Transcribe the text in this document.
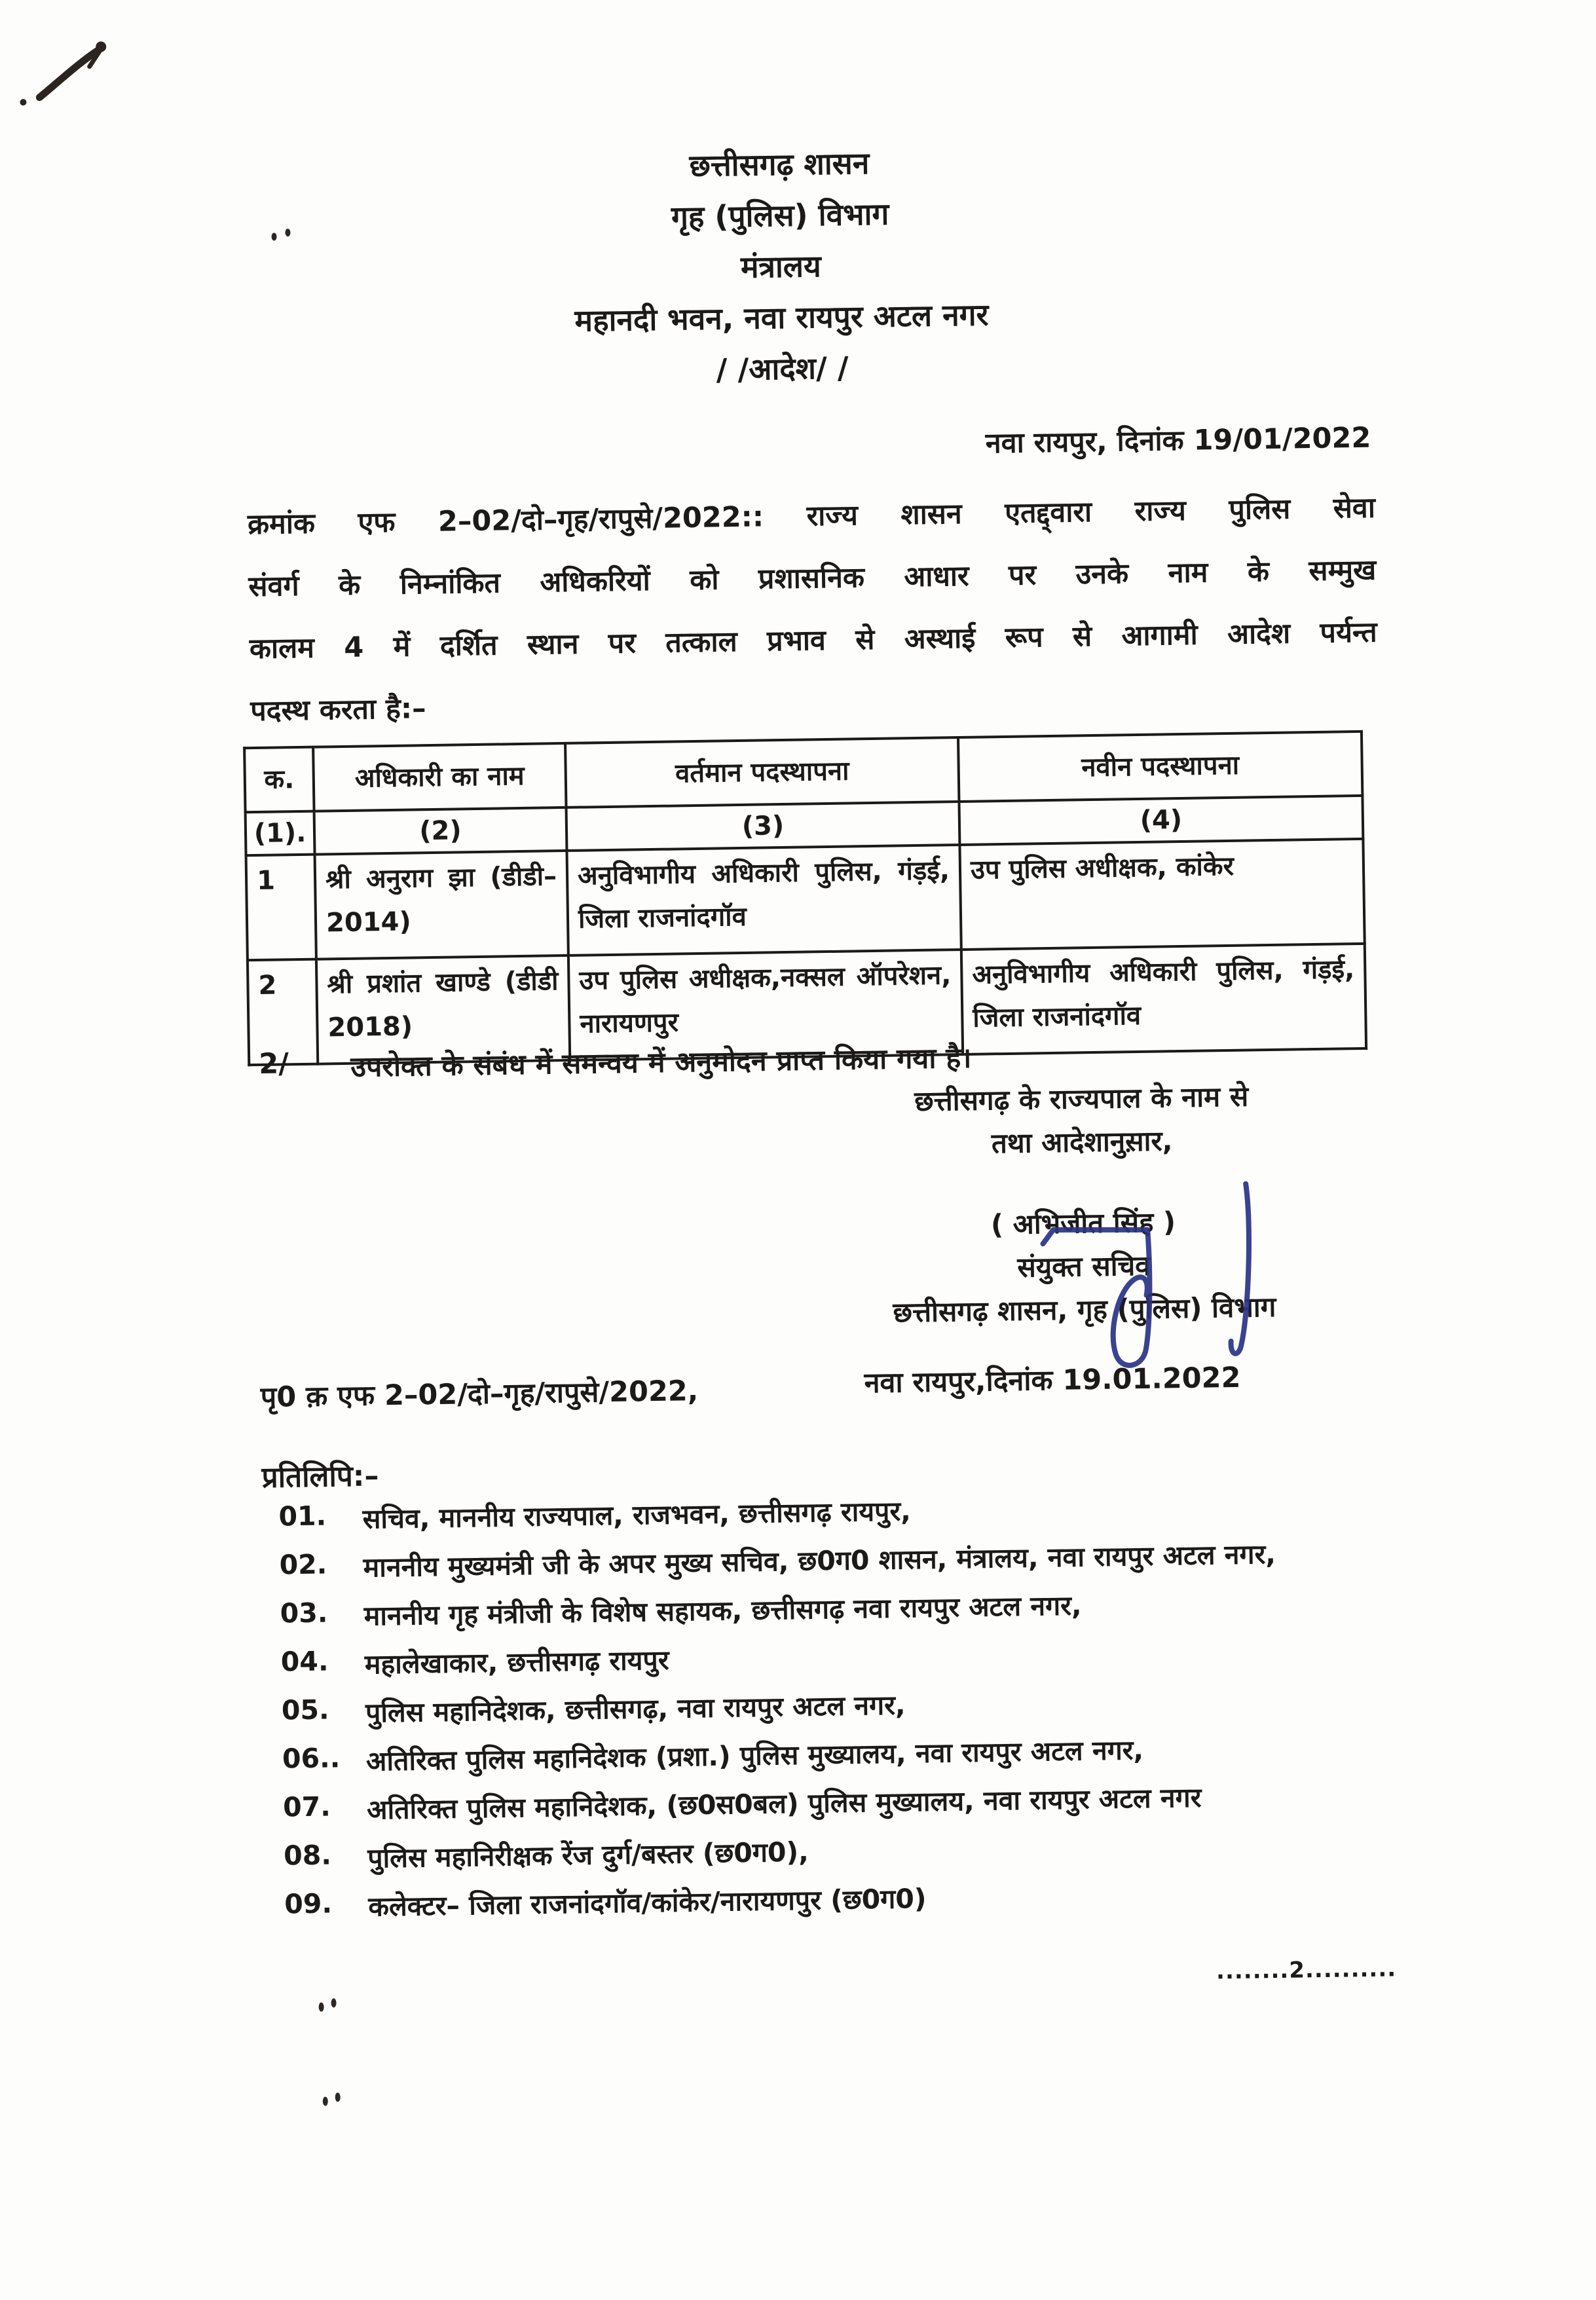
छत्तीसगढ़ शासन
गृह (पुलिस) विभाग
मंत्रालय
महानदी भवन, नवा रायपुर अटल नगर
/ /आदेश/ /
नवा रायपुर, दिनांक 19/01/2022
क्रमांक एफ 2–02/दो–गृह/रापुसे/2022:: राज्य शासन एतद्द्वारा राज्य पुलिस सेवा
संवर्ग के निम्नांकित अधिकरियों को प्रशासनिक आधार पर उनके नाम के सम्मुख
कालम 4 में दर्शित स्थान पर तत्काल प्रभाव से अस्थाई रूप से आगामी आदेश पर्यन्त
पदस्थ करता है:–
क.	अधिकारी का नाम	वर्तमान पदस्थापना	नवीन पदस्थापना
(1).	(2)	(3)	(4)
1	श्री अनुराग झा (डीडी–2014)	अनुविभागीय अधिकारी पुलिस, गंड़ई, जिला राजनांदगॉव	उप पुलिस अधीक्षक, कांकेर
2	श्री प्रशांत खाण्डे (डीडी 2018)	उप पुलिस अधीक्षक,नक्सल ऑपरेशन, नारायणपुर	अनुविभागीय अधिकारी पुलिस, गंड़ई, जिला राजनांदगॉव
2/	उपरोक्त के संबंध में समन्वय में अनुमोदन प्राप्त किया गया है।
छत्तीसगढ़ के राज्यपाल के नाम से
तथा आदेशानुस़ार,
( अभिजीत सिंह )
संयुक्त सचिव
छत्तीसगढ़ शासन, गृह (पुलिस) विभाग
नवा रायपुर,दिनांक 19.01.2022
पृ0 क़ एफ 2–02/दो–गृह/रापुसे/2022,
प्रतिलिपि:–
01.	सचिव, माननीय राज्यपाल, राजभवन, छत्तीसगढ़ रायपुर,
02.	माननीय मुख्यमंत्री जी के अपर मुख्य सचिव, छ0ग0 शासन, मंत्रालय, नवा रायपुर अटल नगर,
03.	माननीय गृह मंत्रीजी के विशेष सहायक, छत्तीसगढ़ नवा रायपुर अटल नगर,
04.	महालेखाकार, छत्तीसगढ़ रायपुर
05.	पुलिस महानिदेशक, छत्तीसगढ़, नवा रायपुर अटल नगर,
06.. अतिरिक्त पुलिस महानिदेशक (प्रशा.) पुलिस मुख्यालय, नवा रायपुर अटल नगर,
07.	अतिरिक्त पुलिस महानिदेशक, (छ0स0बल) पुलिस मुख्यालय, नवा रायपुर अटल नगर
08.	पुलिस महानिरीक्षक रेंज दुर्ग/बस्तर (छ0ग0),
09.	कलेक्टर– जिला राजनांदगॉव/कांकेर/नारायणपुर (छ0ग0)
........2..........
